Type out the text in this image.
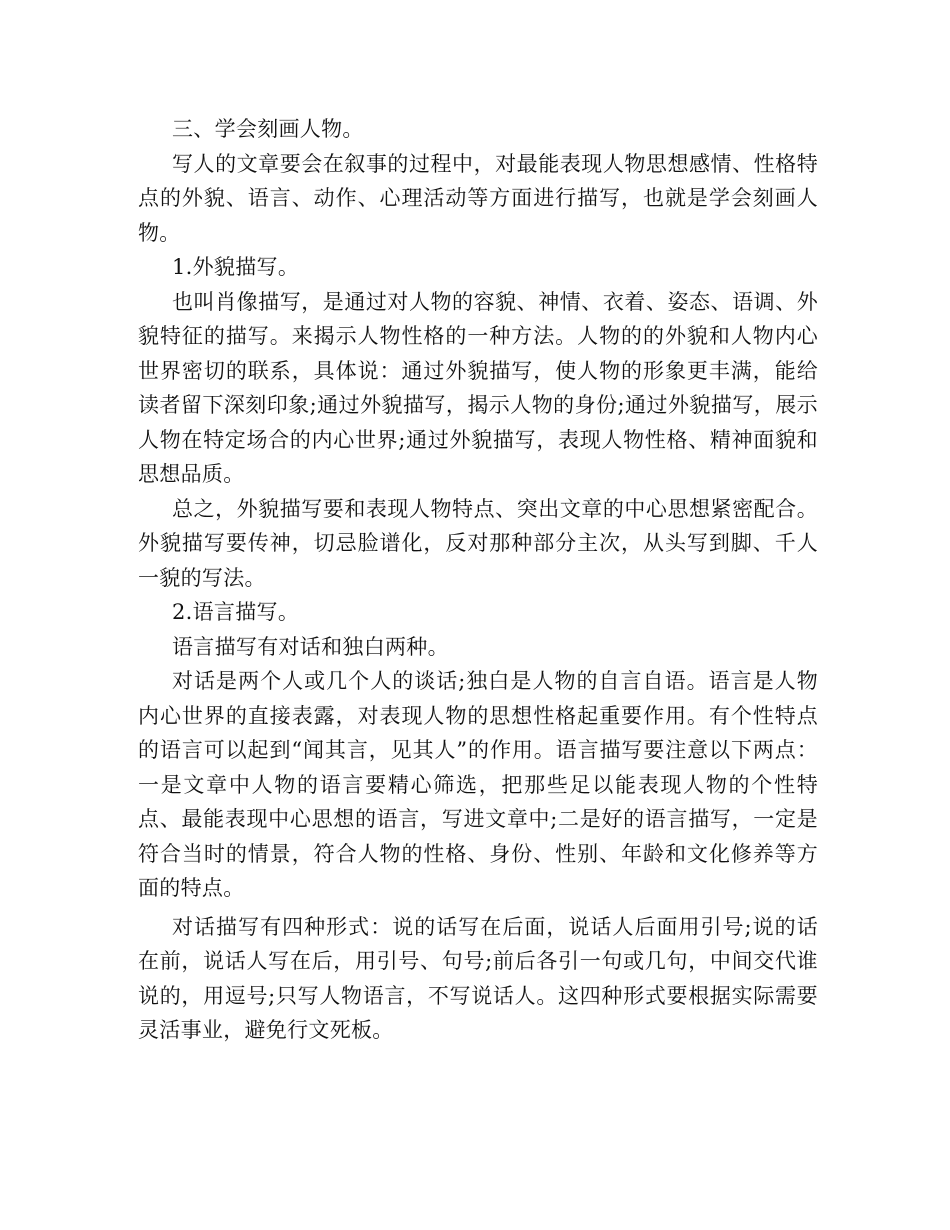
三、学会刻画人物。

写人的文章要会在叙事的过程中，对最能表现人物思想感情、性格特点的外貌、语言、动作、心理活动等方面进行描写，也就是学会刻画人物。

1.外貌描写。

也叫肖像描写，是通过对人物的容貌、神情、衣着、姿态、语调、外貌特征的描写。来揭示人物性格的一种方法。人物的的外貌和人物内心世界密切的联系，具体说：通过外貌描写，使人物的形象更丰满，能给读者留下深刻印象;通过外貌描写，揭示人物的身份;通过外貌描写，展示人物在特定场合的内心世界;通过外貌描写，表现人物性格、精神面貌和思想品质。

总之，外貌描写要和表现人物特点、突出文章的中心思想紧密配合。外貌描写要传神，切忌脸谱化，反对那种部分主次，从头写到脚、千人一貌的写法。

2.语言描写。

语言描写有对话和独白两种。

对话是两个人或几个人的谈话;独白是人物的自言自语。语言是人物内心世界的直接表露，对表现人物的思想性格起重要作用。有个性特点的语言可以起到“闻其言，见其人”的作用。语言描写要注意以下两点：一是文章中人物的语言要精心筛选，把那些足以能表现人物的个性特点、最能表现中心思想的语言，写进文章中;二是好的语言描写，一定是符合当时的情景，符合人物的性格、身份、性别、年龄和文化修养等方面的特点。

对话描写有四种形式：说的话写在后面，说话人后面用引号;说的话在前，说话人写在后，用引号、句号;前后各引一句或几句，中间交代谁说的，用逗号;只写人物语言，不写说话人。这四种形式要根据实际需要灵活事业，避免行文死板。
